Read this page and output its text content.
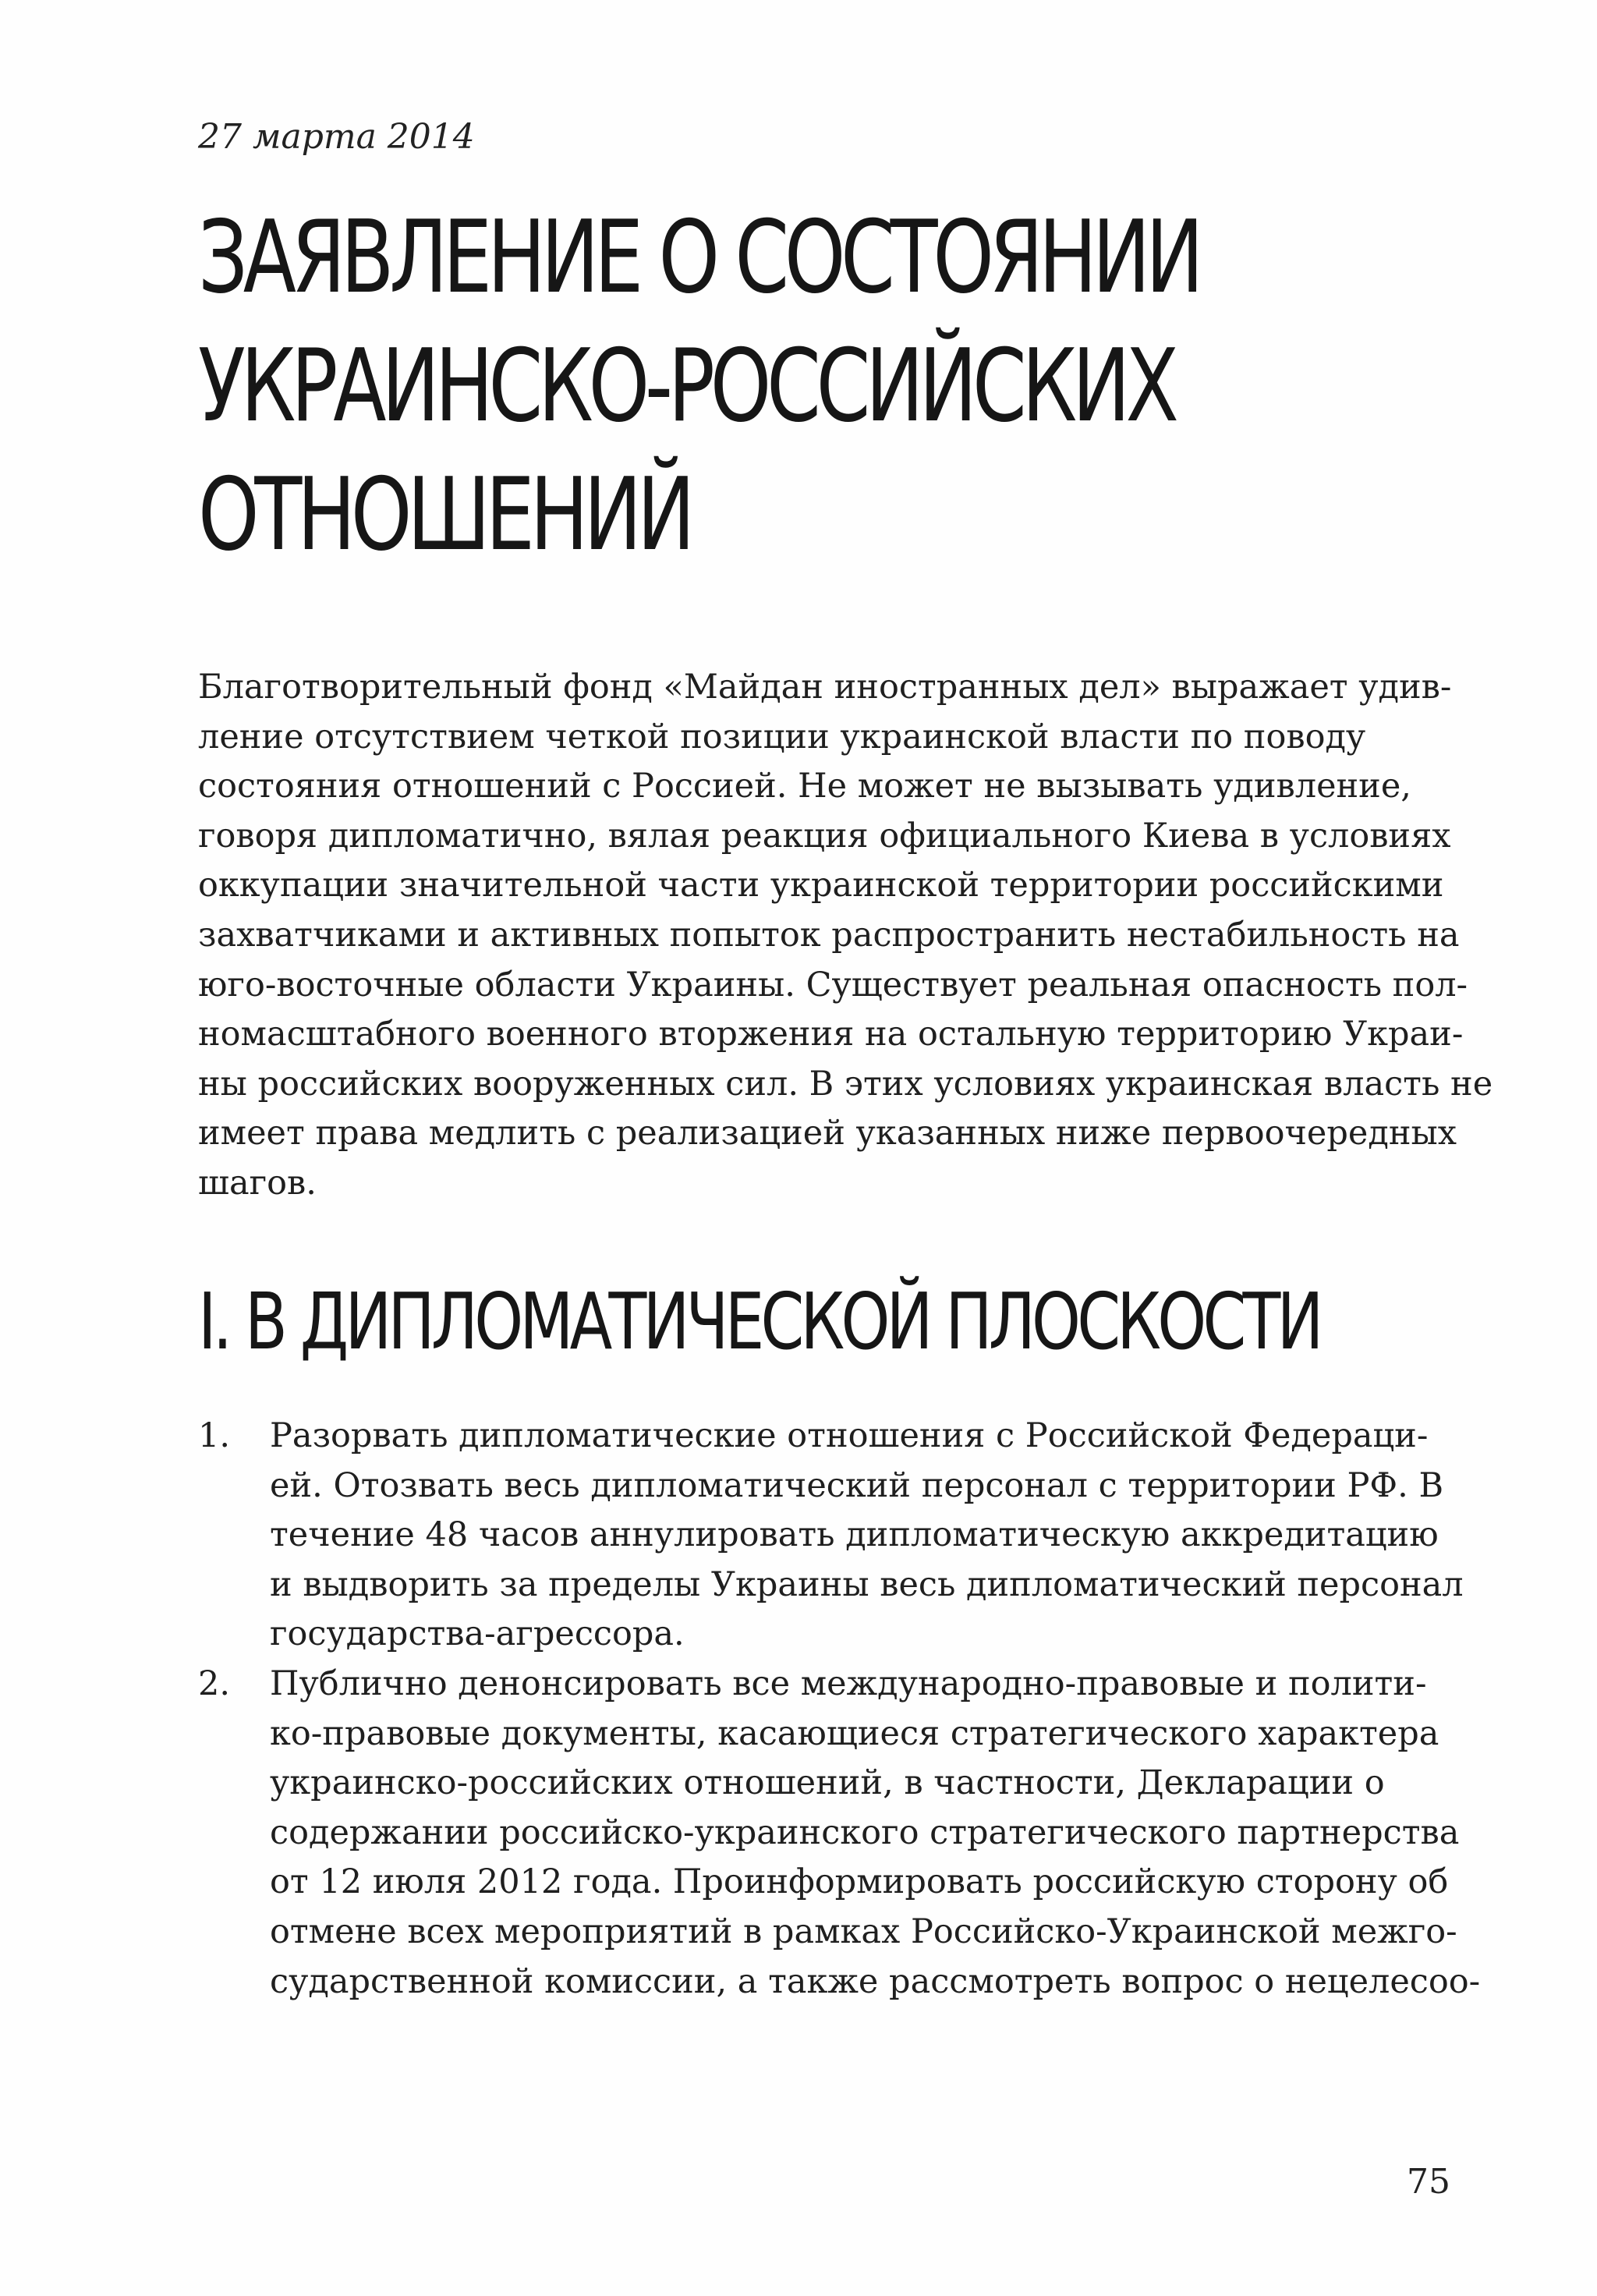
27 марта 2014
ЗАЯВЛЕНИЕ О СОСТОЯНИИ
УКРАИНСКО-РОССИЙСКИХ
ОТНОШЕНИЙ

Благотворительный фонд «Майдан иностранных дел» выражает удив-
ление отсутствием четкой позиции украинской власти по поводу
состояния отношений с Россией. Не может не вызывать удивление,
говоря дипломатично, вялая реакция официального Киева в условиях
оккупации значительной части украинской территории российскими
захватчиками и активных попыток распространить нестабильность на
юго-восточные области Украины. Существует реальная опасность пол-
номасштабного военного вторжения на остальную территорию Украи-
ны российских вооруженных сил. В этих условиях украинская власть не
имеет права медлить с реализацией указанных ниже первоочередных
шагов.

I. В ДИПЛОМАТИЧЕСКОЙ ПЛОСКОСТИ
1. Разорвать дипломатические отношения с Российской Федераци-
ей. Отозвать весь дипломатический персонал с территории РФ. В
течение 48 часов аннулировать дипломатическую аккредитацию
и выдворить за пределы Украины весь дипломатический персонал
государства-агрессора.
2. Публично денонсировать все международно-правовые и полити-
ко-правовые документы, касающиеся стратегического характера
украинско-российских отношений, в частности, Декларации о
содержании российско-украинского стратегического партнерства
от 12 июля 2012 года. Проинформировать российскую сторону об
отмене всех мероприятий в рамках Российско-Украинской межго-
сударственной комиссии, а также рассмотреть вопрос о нецелесоо-
75
